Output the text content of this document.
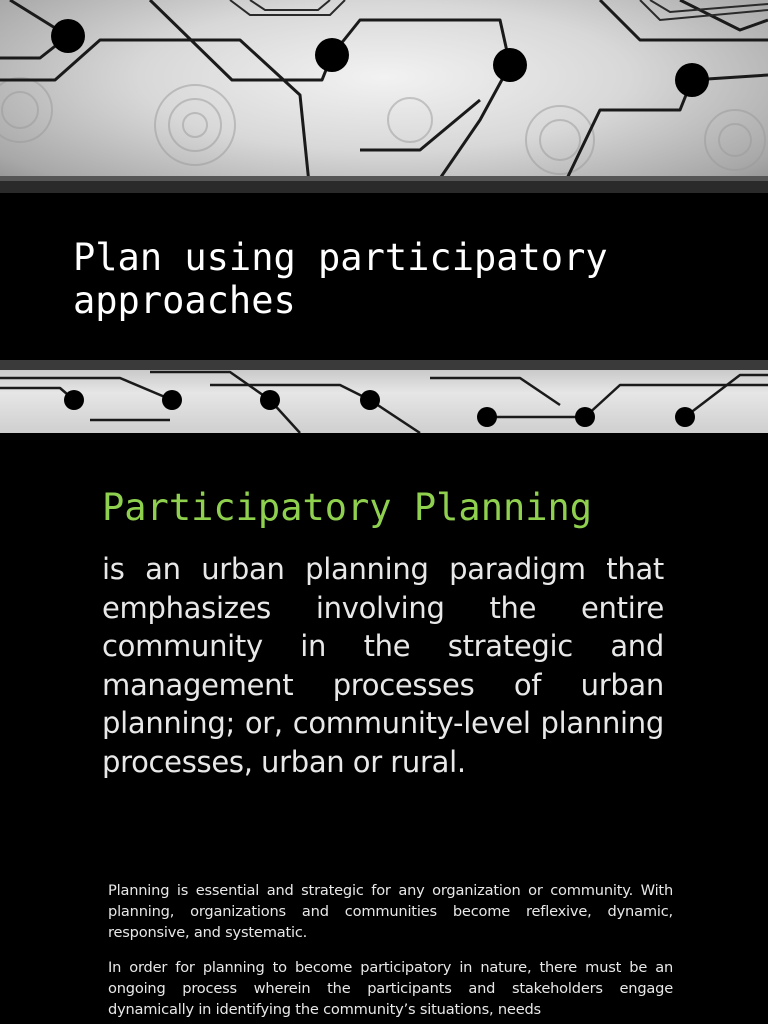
Plan using participatory approaches
Participatory Planning

is an urban planning paradigm that emphasizes involving the entire community in the strategic and management processes of urban planning; or, community-level planning processes, urban or rural.

Planning is essential and strategic for any organization or community. With planning, organizations and communities become reflexive, dynamic, responsive, and systematic.

In order for planning to become participatory in nature, there must be an ongoing process wherein the participants and stakeholders engage dynamically in identifying the community’s situations, needs
